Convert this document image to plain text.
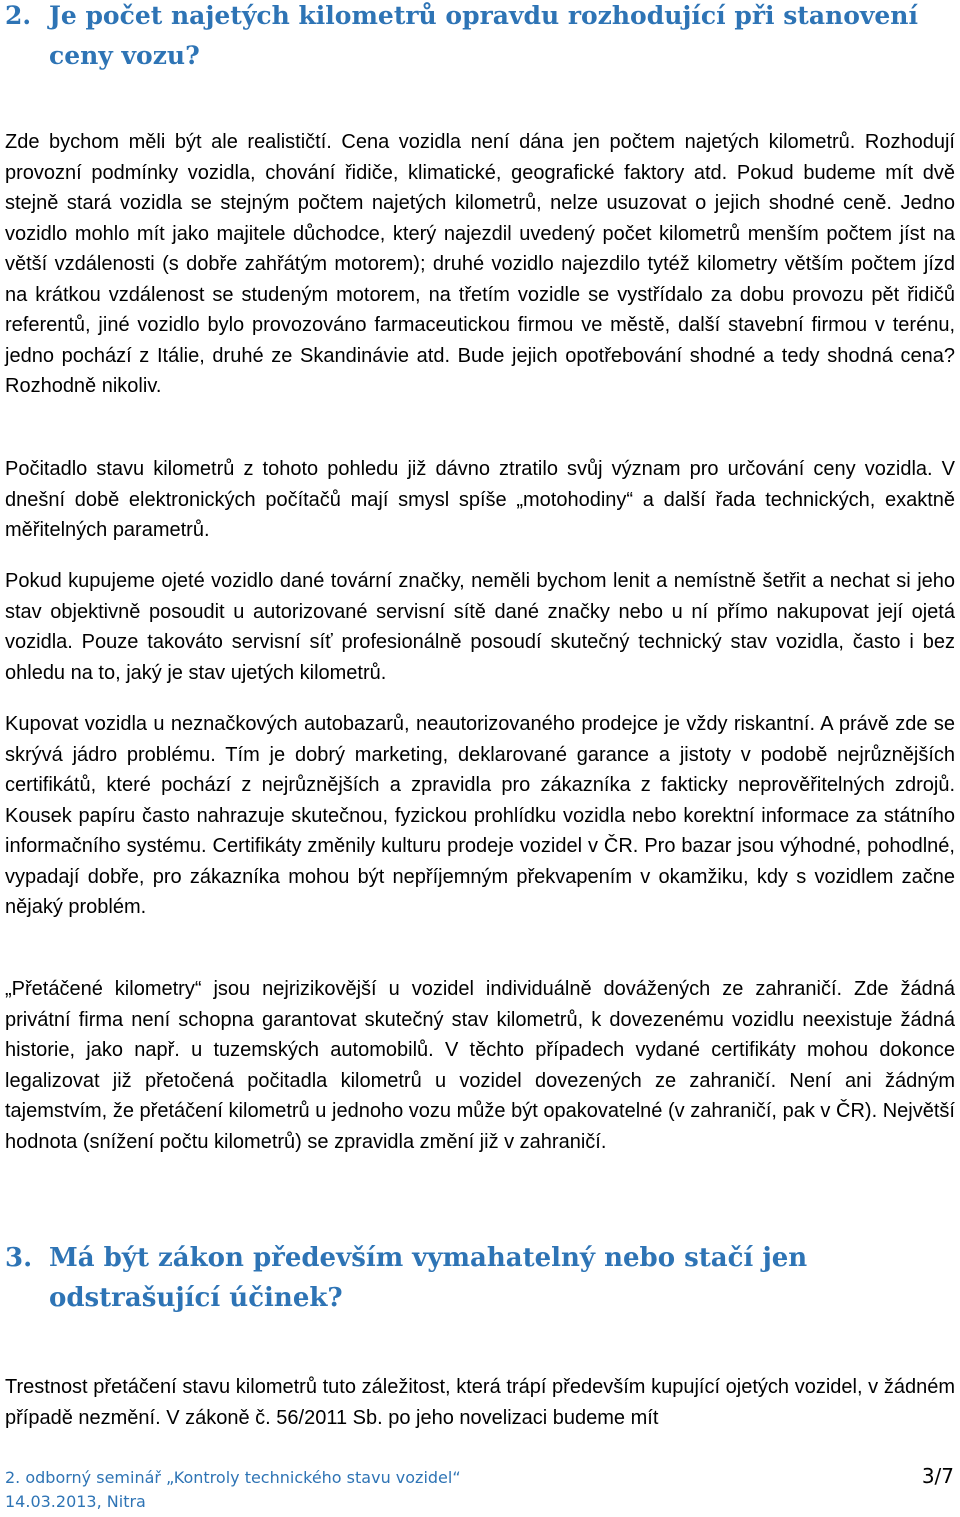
2. Je počet najetých kilometrů opravdu rozhodující při stanovení ceny vozu?

Zde bychom měli být ale realističtí. Cena vozidla není dána jen počtem najetých kilometrů. Rozhodují provozní podmínky vozidla, chování řidiče, klimatické, geografické faktory atd. Pokud budeme mít dvě stejně stará vozidla se stejným počtem najetých kilometrů, nelze usuzovat o jejich shodné ceně. Jedno vozidlo mohlo mít jako majitele důchodce, který najezdil uvedený počet kilometrů menším počtem jíst na větší vzdálenosti (s dobře zahřátým motorem); druhé vozidlo najezdilo tytéž kilometry větším počtem jízd na krátkou vzdálenost se studeným motorem, na třetím vozidle se vystřídalo za dobu provozu pět řidičů referentů, jiné vozidlo bylo provozováno farmaceutickou firmou ve městě, další stavební firmou v terénu, jedno pochází z Itálie, druhé ze Skandinávie atd. Bude jejich opotřebování shodné a tedy shodná cena? Rozhodně nikoliv.

Počitadlo stavu kilometrů z tohoto pohledu již dávno ztratilo svůj význam pro určování ceny vozidla. V dnešní době elektronických počítačů mají smysl spíše „motohodiny“ a další řada technických, exaktně měřitelných parametrů.

Pokud kupujeme ojeté vozidlo dané tovární značky, neměli bychom lenit a nemístně šetřit a nechat si jeho stav objektivně posoudit u autorizované servisní sítě dané značky nebo u ní přímo nakupovat její ojetá vozidla. Pouze takováto servisní síť profesionálně posoudí skutečný technický stav vozidla, často i bez ohledu na to, jaký je stav ujetých kilometrů.

Kupovat vozidla u neznačkových autobazarů, neautorizovaného prodejce je vždy riskantní. A právě zde se skrývá jádro problému. Tím je dobrý marketing, deklarované garance a jistoty v podobě nejrůznějších certifikátů, které pochází z nejrůznějších a zpravidla pro zákazníka z fakticky neprověřitelných zdrojů. Kousek papíru často nahrazuje skutečnou, fyzickou prohlídku vozidla nebo korektní informace za státního informačního systému. Certifikáty změnily kulturu prodeje vozidel v ČR. Pro bazar jsou výhodné, pohodlné, vypadají dobře, pro zákazníka mohou být nepříjemným překvapením v okamžiku, kdy s vozidlem začne nějaký problém.

„Přetáčené kilometry“ jsou nejrizikovější u vozidel individuálně dovážených ze zahraničí. Zde žádná privátní firma není schopna garantovat skutečný stav kilometrů, k dovezenému vozidlu neexistuje žádná historie, jako např. u tuzemských automobilů. V těchto případech vydané certifikáty mohou dokonce legalizovat již přetočená počitadla kilometrů u vozidel dovezených ze zahraničí. Není ani žádným tajemstvím, že přetáčení kilometrů u jednoho vozu může být opakovatelné (v zahraničí, pak v ČR). Největší hodnota (snížení počtu kilometrů) se zpravidla změní již v zahraničí.

3. Má být zákon především vymahatelný nebo stačí jen odstrašující účinek?

Trestnost přetáčení stavu kilometrů tuto záležitost, která trápí především kupující ojetých vozidel, v žádném případě nezmění. V zákoně č. 56/2011 Sb. po jeho novelizaci budeme mít

2. odborný seminář „Kontroly technického stavu vozidel“
14.03.2013, Nitra
3/7
